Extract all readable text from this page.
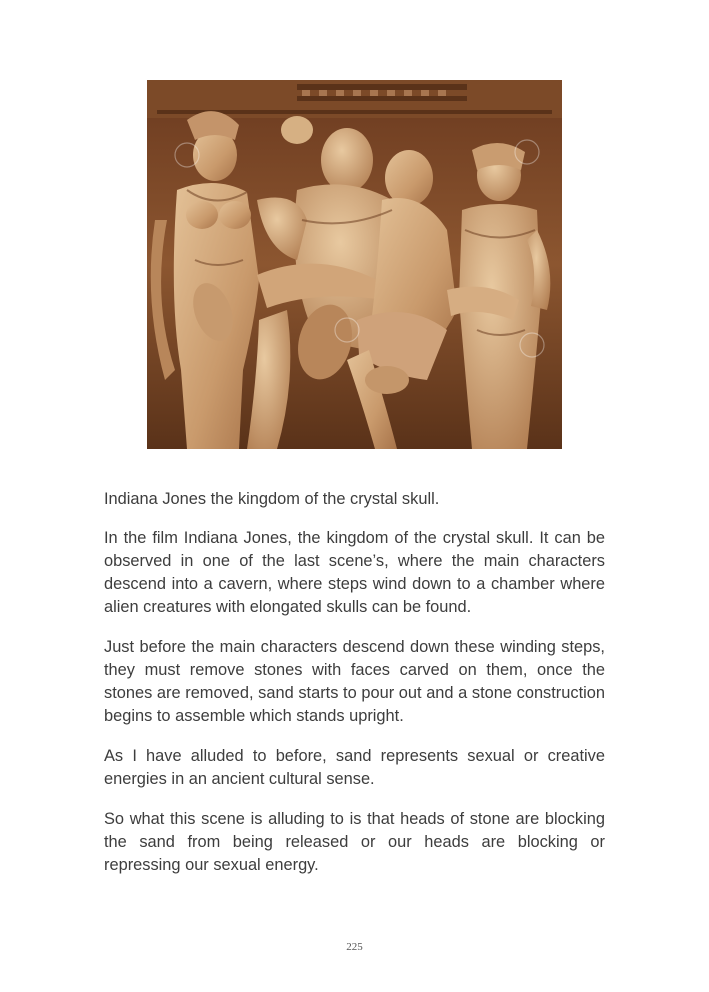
Indiana Jones the kingdom of the crystal skull.

In the film Indiana Jones, the kingdom of the crystal skull. It can be observed in one of the last scene’s, where the main characters descend into a cavern, where steps wind down to a chamber where alien creatures with elongated skulls can be found.

Just before the main characters descend down these winding steps, they must remove stones with faces carved on them, once the stones are removed, sand starts to pour out and a stone construction begins to assemble which stands upright.

As I have alluded to before, sand represents sexual or creative energies in an ancient cultural sense.

So what this scene is alluding to is that heads of stone are blocking the sand from being released or our heads are blocking or repressing our sexual energy.

225
